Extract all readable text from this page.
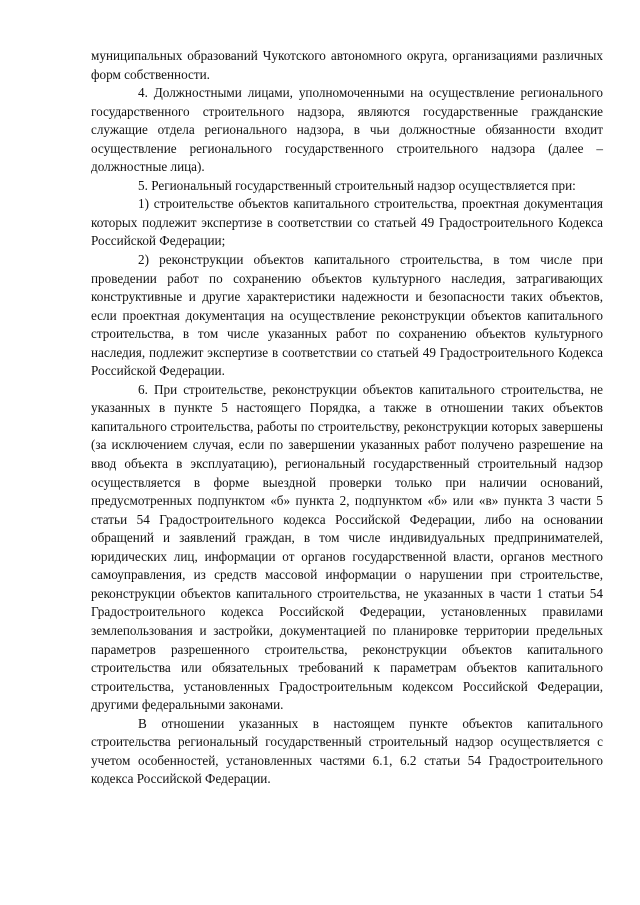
муниципальных образований Чукотского автономного округа, организациями различных форм собственности.

4. Должностными лицами, уполномоченными на осуществление регионального государственного строительного надзора, являются государственные гражданские служащие отдела регионального надзора, в чьи должностные обязанности входит осуществление регионального государственного строительного надзора (далее – должностные лица).

5. Региональный государственный строительный надзор осуществляется при:

1) строительстве объектов капитального строительства, проектная документация которых подлежит экспертизе в соответствии со статьей 49 Градостроительного Кодекса Российской Федерации;

2) реконструкции объектов капитального строительства, в том числе при проведении работ по сохранению объектов культурного наследия, затрагивающих конструктивные и другие характеристики надежности и безопасности таких объектов, если проектная документация на осуществление реконструкции объектов капитального строительства, в том числе указанных работ по сохранению объектов культурного наследия, подлежит экспертизе в соответствии со статьей 49 Градостроительного Кодекса Российской Федерации.

6. При строительстве, реконструкции объектов капитального строительства, не указанных в пункте 5 настоящего Порядка, а также в отношении таких объектов капитального строительства, работы по строительству, реконструкции которых завершены (за исключением случая, если по завершении указанных работ получено разрешение на ввод объекта в эксплуатацию), региональный государственный строительный надзор осуществляется в форме выездной проверки только при наличии оснований, предусмотренных подпунктом «б» пункта 2, подпунктом «б» или «в» пункта 3 части 5 статьи 54 Градостроительного кодекса Российской Федерации, либо на основании обращений и заявлений граждан, в том числе индивидуальных предпринимателей, юридических лиц, информации от органов государственной власти, органов местного самоуправления, из средств массовой информации о нарушении при строительстве, реконструкции объектов капитального строительства, не указанных в части 1 статьи 54 Градостроительного кодекса Российской Федерации, установленных правилами землепользования и застройки, документацией по планировке территории предельных параметров разрешенного строительства, реконструкции объектов капитального строительства или обязательных требований к параметрам объектов капитального строительства, установленных Градостроительным кодексом Российской Федерации, другими федеральными законами.

В отношении указанных в настоящем пункте объектов капитального строительства региональный государственный строительный надзор осуществляется с учетом особенностей, установленных частями 6.1, 6.2 статьи 54 Градостроительного кодекса Российской Федерации.
